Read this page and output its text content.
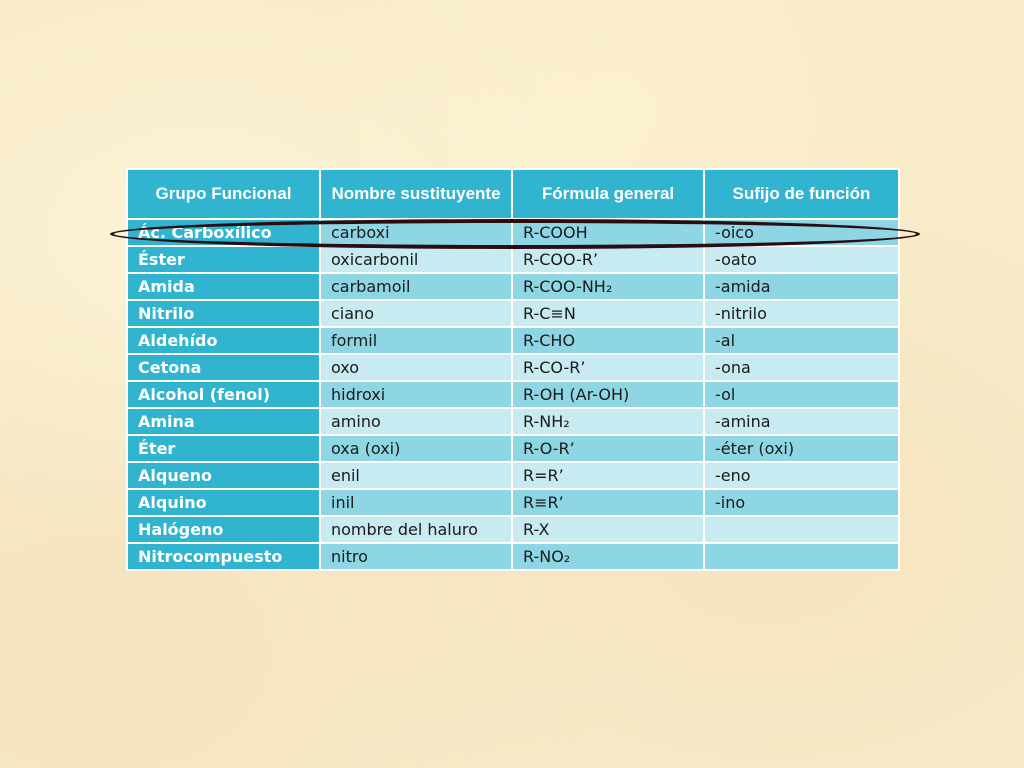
Grupo Funcional	Nombre sustituyente	Fórmula general	Sufijo de función
Ác. Carboxílico	carboxi	R-COOH	-oico
Éster	oxicarbonil	R-COO-R’	-oato
Amida	carbamoil	R-COO-NH₂	-amida
Nitrilo	ciano	R-C≡N	-nitrilo
Aldehído	formil	R-CHO	-al
Cetona	oxo	R-CO-R’	-ona
Alcohol (fenol)	hidroxi	R-OH (Ar-OH)	-ol
Amina	amino	R-NH₂	-amina
Éter	oxa (oxi)	R-O-R’	-éter (oxi)
Alqueno	enil	R=R’	-eno
Alquino	inil	R≡R’	-ino
Halógeno	nombre del haluro	R-X	
Nitrocompuesto	nitro	R-NO₂	
